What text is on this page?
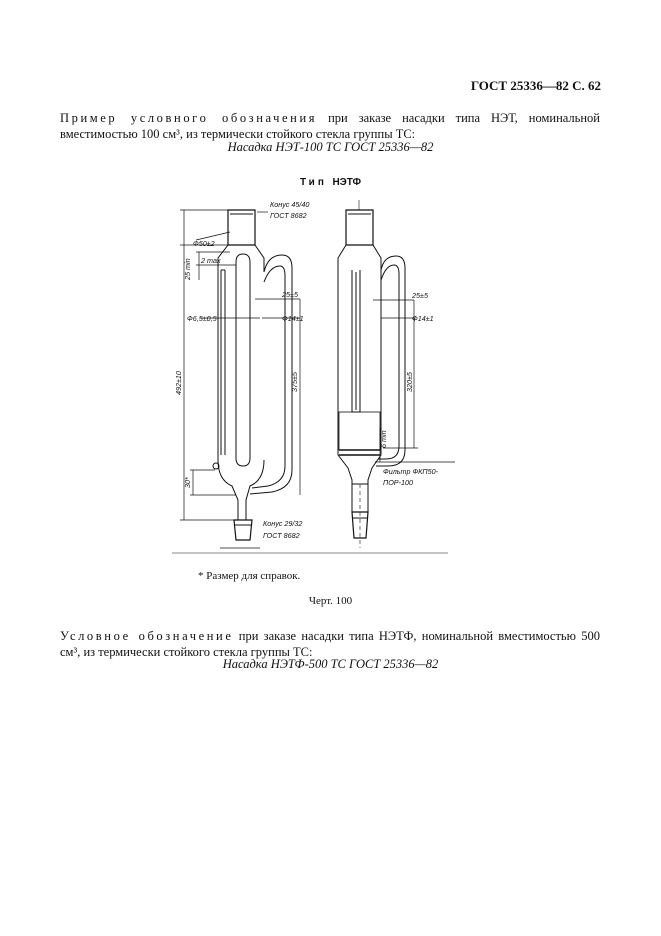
ГОСТ 25336—82 С. 62
Пример условного обозначения при заказе насадки типа НЭТ, номинальной вместимостью 100 см³, из термически стойкого стекла группы ТС:
Насадка НЭТ-100 ТС ГОСТ 25336—82
Тип НЭТФ
Конус 45/40
ГОСТ 8682
Ф50±2
25 min 2 max
25±5
Ф6,5±0,5	Ф14±1
492±10	375±5
30*
Конус 29/32
ГОСТ 8682
25±5
Ф14±1
320±5
6 min
Фильтр ФКП50-
ПОР-100
* Размер для справок.
Черт. 100
Условное обозначение при заказе насадки типа НЭТФ, номинальной вместимостью 500 см³, из термически стойкого стекла группы ТС:
Насадка НЭТФ-500 ТС ГОСТ 25336—82
